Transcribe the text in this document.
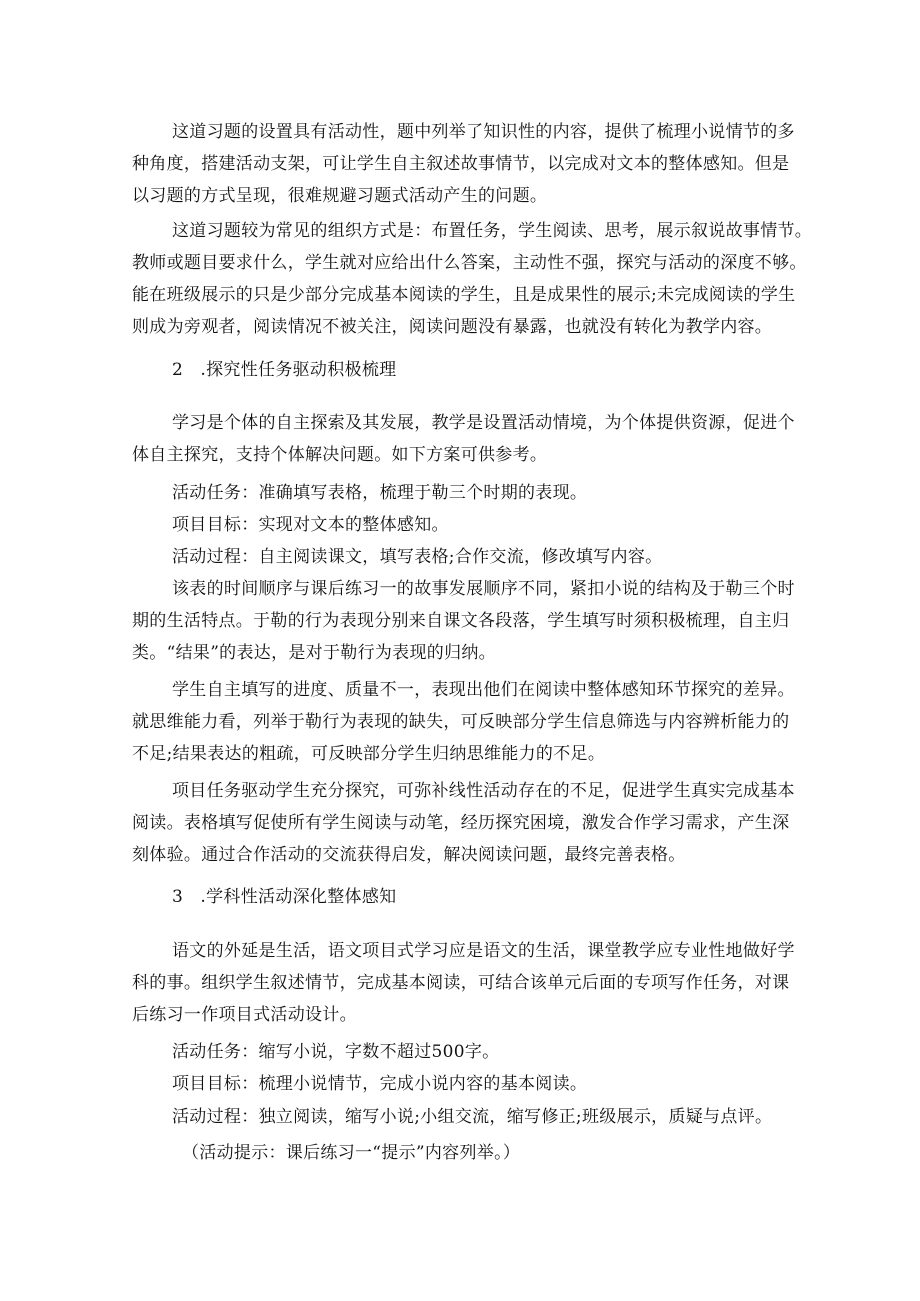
这道习题的设置具有活动性，题中列举了知识性的内容，提供了梳理小说情节的多
种角度，搭建活动支架，可让学生自主叙述故事情节，以完成对文本的整体感知。但是
以习题的方式呈现，很难规避习题式活动产生的问题。
这道习题较为常见的组织方式是：布置任务，学生阅读、思考，展示叙说故事情节。
教师或题目要求什么，学生就对应给出什么答案，主动性不强，探究与活动的深度不够。
能在班级展示的只是少部分完成基本阅读的学生，且是成果性的展示;未完成阅读的学生
则成为旁观者，阅读情况不被关注，阅读问题没有暴露，也就没有转化为教学内容。
2　.探究性任务驱动积极梳理
学习是个体的自主探索及其发展，教学是设置活动情境，为个体提供资源，促进个
体自主探究，支持个体解决问题。如下方案可供参考。
活动任务：准确填写表格，梳理于勒三个时期的表现。
项目目标：实现对文本的整体感知。
活动过程：自主阅读课文，填写表格;合作交流，修改填写内容。
该表的时间顺序与课后练习一的故事发展顺序不同，紧扣小说的结构及于勒三个时
期的生活特点。于勒的行为表现分别来自课文各段落，学生填写时须积极梳理，自主归
类。“结果”的表达，是对于勒行为表现的归纳。
学生自主填写的进度、质量不一，表现出他们在阅读中整体感知环节探究的差异。
就思维能力看，列举于勒行为表现的缺失，可反映部分学生信息筛选与内容辨析能力的
不足;结果表达的粗疏，可反映部分学生归纳思维能力的不足。
项目任务驱动学生充分探究，可弥补线性活动存在的不足，促进学生真实完成基本
阅读。表格填写促使所有学生阅读与动笔，经历探究困境，激发合作学习需求，产生深
刻体验。通过合作活动的交流获得启发，解决阅读问题，最终完善表格。
3　.学科性活动深化整体感知
语文的外延是生活，语文项目式学习应是语文的生活，课堂教学应专业性地做好学
科的事。组织学生叙述情节，完成基本阅读，可结合该单元后面的专项写作任务，对课
后练习一作项目式活动设计。
活动任务：缩写小说，字数不超过500字。
项目目标：梳理小说情节，完成小说内容的基本阅读。
活动过程：独立阅读，缩写小说;小组交流，缩写修正;班级展示，质疑与点评。
（活动提示：课后练习一“提示”内容列举。）
